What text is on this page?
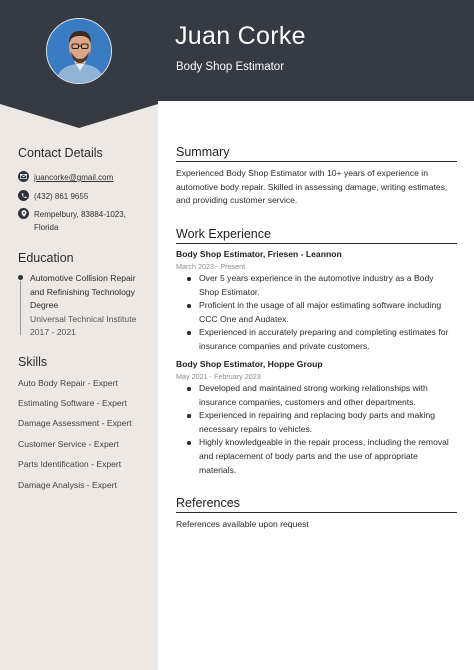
Juan Corke
Body Shop Estimator
Contact Details
juancorke@gmail.com
(432) 861 9655
Rempelbury, 83884-1023,
Florida
Education
Automotive Collision Repair
and Refinishing Technology
Degree
Universal Technical Institute
2017 - 2021
Skills
Auto Body Repair - Expert
Estimating Software - Expert
Damage Assessment - Expert
Customer Service - Expert
Parts Identification - Expert
Damage Analysis - Expert
Summary
Experienced Body Shop Estimator with 10+ years of experience in
automotive body repair. Skilled in assessing damage, writing estimates,
and providing customer service.
Work Experience
Body Shop Estimator, Friesen - Leannon
March 2023 - Present
Over 5 years experience in the automotive industry as a Body
Shop Estimator.
Proficient in the usage of all major estimating software including
CCC One and Audatex.
Experienced in accurately preparing and completing estimates for
insurance companies and private customers.
Body Shop Estimator, Hoppe Group
May 2021 - February 2023
Developed and maintained strong working relationships with
insurance companies, customers and other departments.
Experienced in repairing and replacing body parts and making
necessary repairs to vehicles.
Highly knowledgeable in the repair process, including the removal
and replacement of body parts and the use of appropriate
materials.
References
References available upon request
